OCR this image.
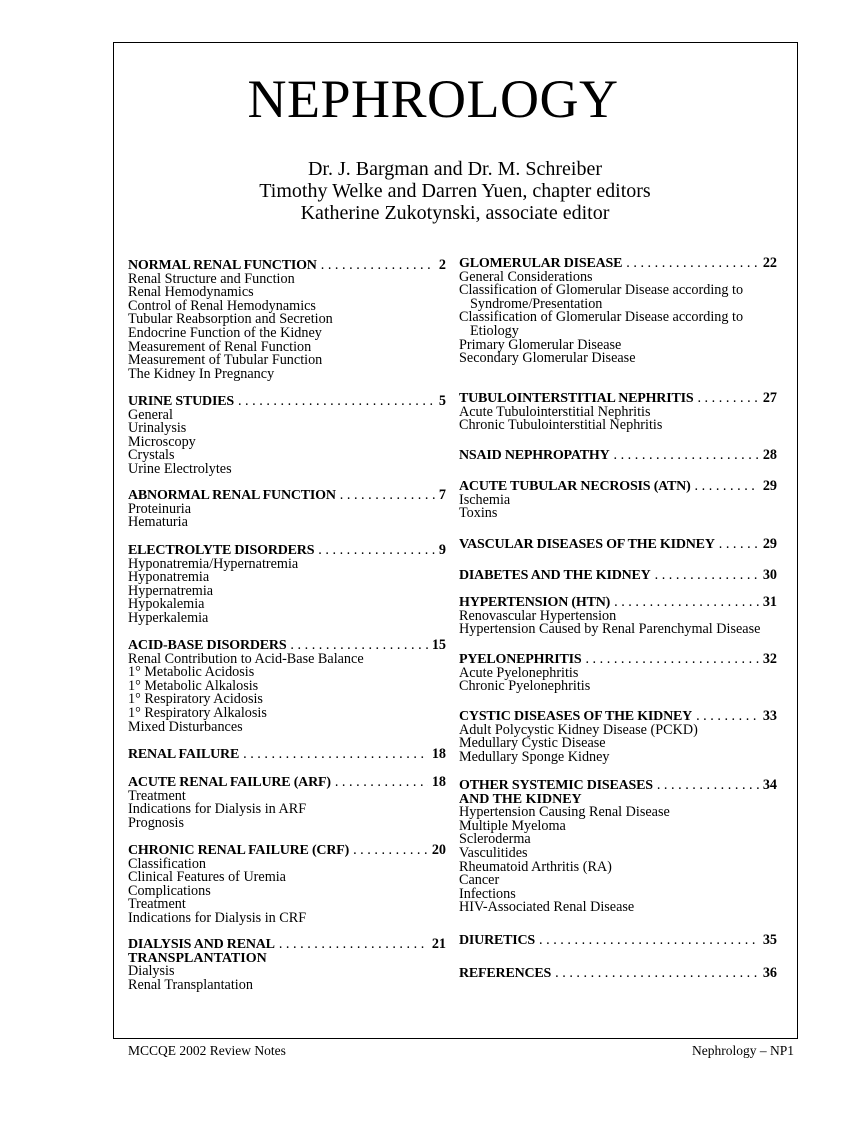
NEPHROLOGY
Dr. J. Bargman and Dr. M. Schreiber
Timothy Welke and Darren Yuen, chapter editors
Katherine Zukotynski, associate editor
NORMAL RENAL FUNCTION . . .	2
Renal Structure and Function
Renal Hemodynamics
Control of Renal Hemodynamics
Tubular Reabsorption and Secretion
Endocrine Function of the Kidney
Measurement of Renal Function
Measurement of Tubular Function
The Kidney In Pregnancy
URINE STUDIES . . .	5
General
Urinalysis
Microscopy
Crystals
Urine Electrolytes
ABNORMAL RENAL FUNCTION . . .	7
Proteinuria
Hematuria
ELECTROLYTE DISORDERS . . .	9
Hyponatremia/Hypernatremia
Hyponatremia
Hypernatremia
Hypokalemia
Hyperkalemia
ACID-BASE DISORDERS . . .	15
Renal Contribution to Acid-Base Balance
1° Metabolic Acidosis
1° Metabolic Alkalosis
1° Respiratory Acidosis
1° Respiratory Alkalosis
Mixed Disturbances
RENAL FAILURE . . .	18
ACUTE RENAL FAILURE (ARF) . . .	18
Treatment
Indications for Dialysis in ARF
Prognosis
CHRONIC RENAL FAILURE (CRF) . . .	20
Classification
Clinical Features of Uremia
Complications
Treatment
Indications for Dialysis in CRF
DIALYSIS AND RENAL . . .	21
TRANSPLANTATION
Dialysis
Renal Transplantation
GLOMERULAR DISEASE . . .	22
General Considerations
Classification of Glomerular Disease according to
Syndrome/Presentation
Classification of Glomerular Disease according to
Etiology
Primary Glomerular Disease
Secondary Glomerular Disease
TUBULOINTERSTITIAL NEPHRITIS . . .	27
Acute Tubulointerstitial Nephritis
Chronic Tubulointerstitial Nephritis
NSAID NEPHROPATHY . . .	28
ACUTE TUBULAR NECROSIS (ATN) . . .	29
Ischemia
Toxins
VASCULAR DISEASES OF THE KIDNEY . . .	29
DIABETES AND THE KIDNEY . . .	30
HYPERTENSION (HTN) . . .	31
Renovascular Hypertension
Hypertension Caused by Renal Parenchymal Disease
PYELONEPHRITIS . . .	32
Acute Pyelonephritis
Chronic Pyelonephritis
CYSTIC DISEASES OF THE KIDNEY . . .	33
Adult Polycystic Kidney Disease (PCKD)
Medullary Cystic Disease
Medullary Sponge Kidney
OTHER SYSTEMIC DISEASES . . .	34
AND THE KIDNEY
Hypertension Causing Renal Disease
Multiple Myeloma
Scleroderma
Vasculitides
Rheumatoid Arthritis (RA)
Cancer
Infections
HIV-Associated Renal Disease
DIURETICS . . .	35
REFERENCES . . .	36
MCCQE 2002 Review Notes	Nephrology – NP1
